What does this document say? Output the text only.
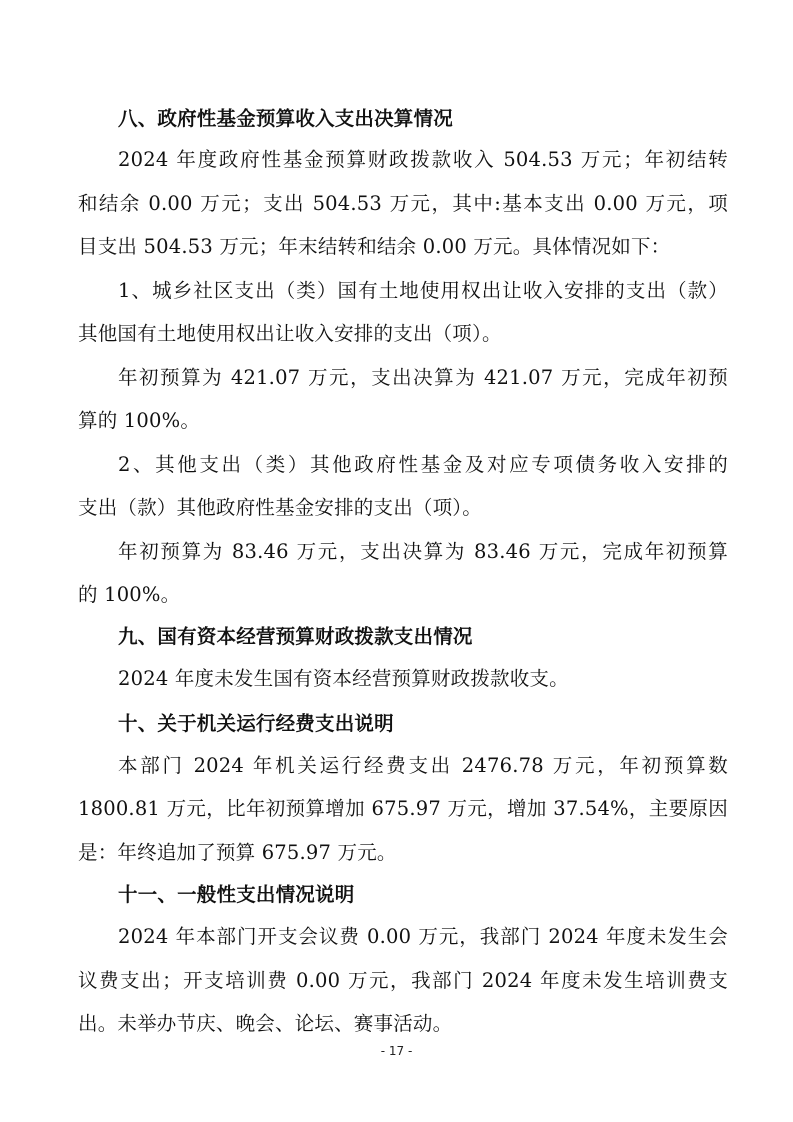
八、政府性基金预算收入支出决算情况
2024 年度政府性基金预算财政拨款收入 504.53 万元；年初结转
和结余 0.00 万元；支出 504.53 万元，其中:基本支出 0.00 万元，项
目支出 504.53 万元；年末结转和结余 0.00 万元。具体情况如下：
1、城乡社区支出（类）国有土地使用权出让收入安排的支出（款）
其他国有土地使用权出让收入安排的支出（项）。
年初预算为 421.07 万元，支出决算为 421.07 万元，完成年初预
算的 100%。
2、其他支出（类）其他政府性基金及对应专项债务收入安排的
支出（款）其他政府性基金安排的支出（项）。
年初预算为 83.46 万元，支出决算为 83.46 万元，完成年初预算
的 100%。
九、国有资本经营预算财政拨款支出情况
2024 年度未发生国有资本经营预算财政拨款收支。
十、关于机关运行经费支出说明
本部门 2024 年机关运行经费支出 2476.78 万元，年初预算数
1800.81 万元，比年初预算增加 675.97 万元，增加 37.54%，主要原因
是：年终追加了预算 675.97 万元。
十一、一般性支出情况说明
2024 年本部门开支会议费 0.00 万元，我部门 2024 年度未发生会
议费支出；开支培训费 0.00 万元，我部门 2024 年度未发生培训费支
出。未举办节庆、晚会、论坛、赛事活动。
- 17 -
